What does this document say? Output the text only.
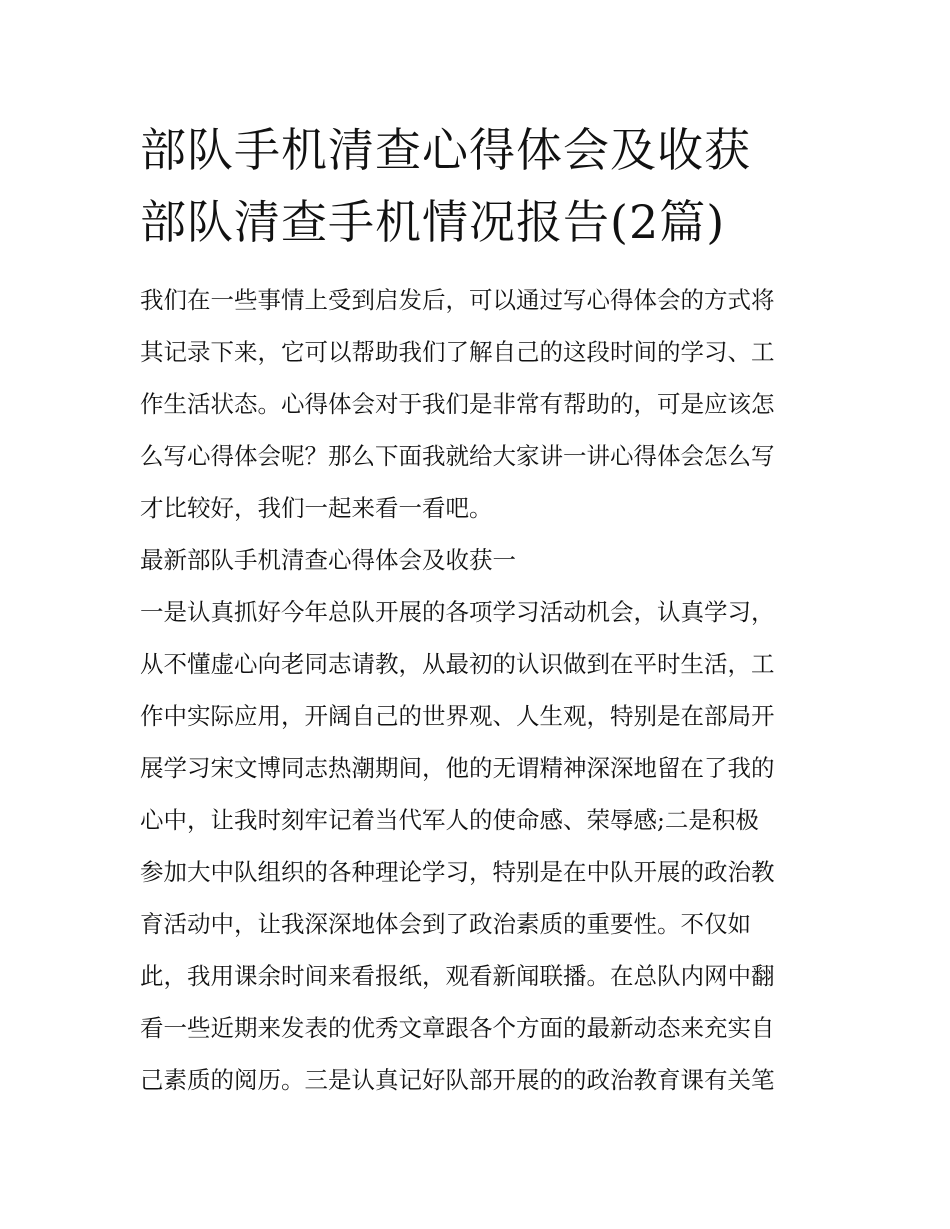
部队手机清查心得体会及收获
部队清查手机情况报告(2篇)
我们在一些事情上受到启发后，可以通过写心得体会的方式将
其记录下来，它可以帮助我们了解自己的这段时间的学习、工
作生活状态。心得体会对于我们是非常有帮助的，可是应该怎
么写心得体会呢？那么下面我就给大家讲一讲心得体会怎么写
才比较好，我们一起来看一看吧。
最新部队手机清查心得体会及收获一
一是认真抓好今年总队开展的各项学习活动机会，认真学习，
从不懂虚心向老同志请教，从最初的认识做到在平时生活，工
作中实际应用，开阔自己的世界观、人生观，特别是在部局开
展学习宋文博同志热潮期间，他的无谓精神深深地留在了我的
心中，让我时刻牢记着当代军人的使命感、荣辱感;二是积极
参加大中队组织的各种理论学习，特别是在中队开展的政治教
育活动中，让我深深地体会到了政治素质的重要性。不仅如
此，我用课余时间来看报纸，观看新闻联播。在总队内网中翻
看一些近期来发表的优秀文章跟各个方面的最新动态来充实自
己素质的阅历。三是认真记好队部开展的的政治教育课有关笔
